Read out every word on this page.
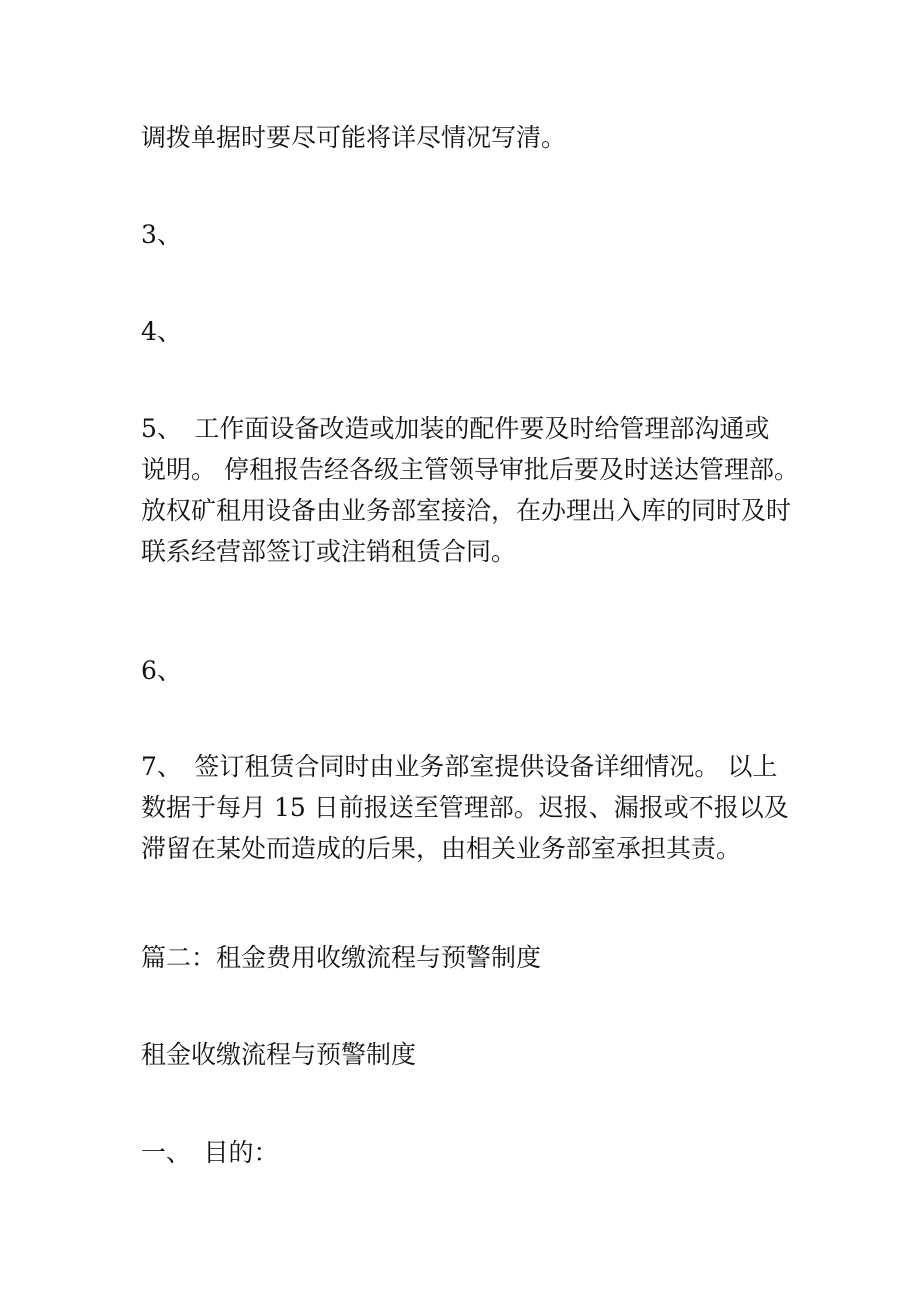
调拨单据时要尽可能将详尽情况写清。

3、

4、

5、　工作面设备改造或加装的配件要及时给管理部沟通或
说明。 停租报告经各级主管领导审批后要及时送达管理部。
放权矿租用设备由业务部室接洽，在办理出入库的同时及时
联系经营部签订或注销租赁合同。

6、

7、　签订租赁合同时由业务部室提供设备详细情况。 以上
数据于每月 15 日前报送至管理部。迟报、漏报或不报以及
滞留在某处而造成的后果，由相关业务部室承担其责。

篇二：租金费用收缴流程与预警制度

租金收缴流程与预警制度

一、　目的：
